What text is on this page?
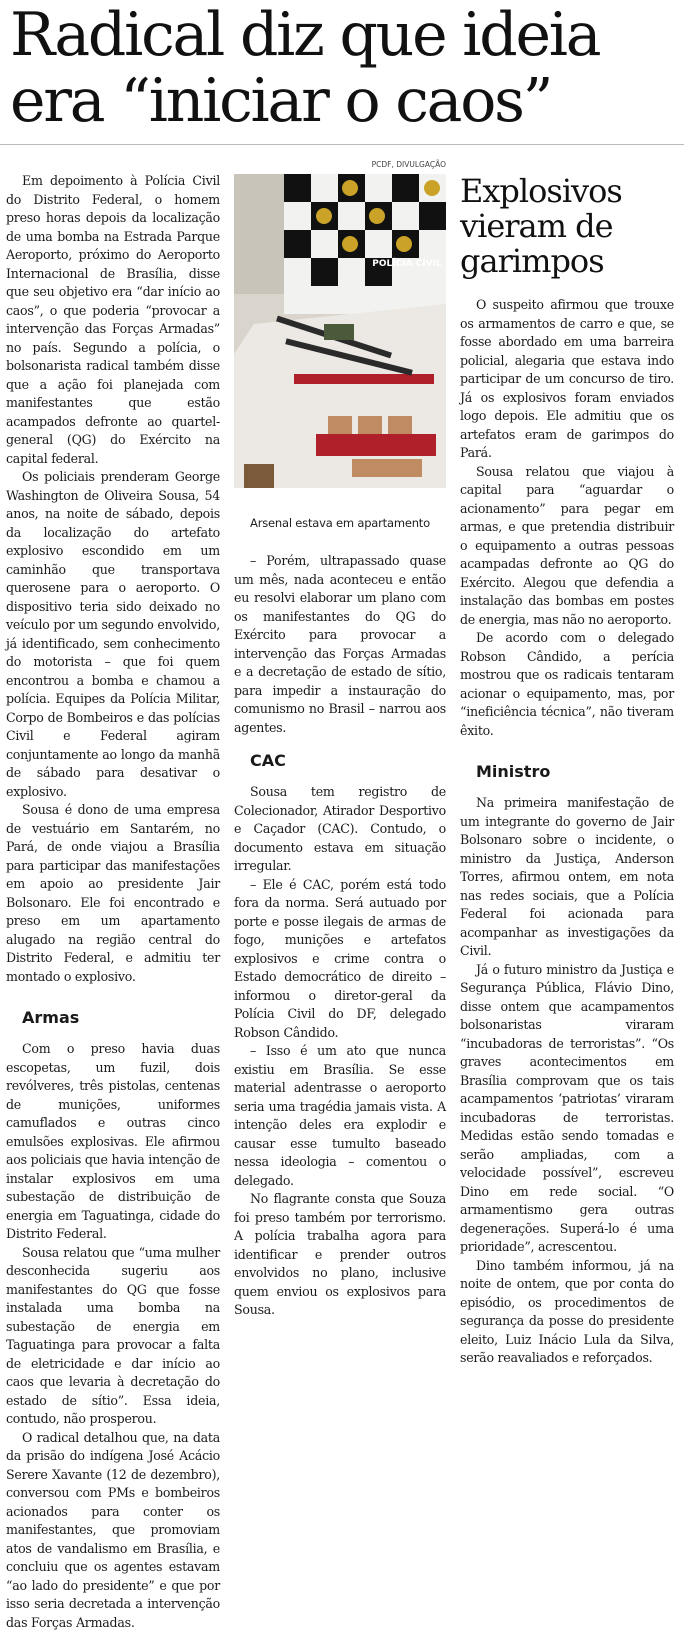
Radical diz que ideia era “iniciar o caos”

Em depoimento à Polícia Civil do Distrito Federal, o homem preso horas depois da localização de uma bomba na Estrada Parque Aeroporto, próximo do Aeroporto Internacional de Brasília, disse que seu objetivo era “dar início ao caos”, o que poderia “provocar a intervenção das Forças Armadas” no país. Segundo a polícia, o bolsonarista radical também disse que a ação foi planejada com manifestantes que estão acampados defronte ao quartel-general (QG) do Exército na capital federal.

Os policiais prenderam George Washington de Oliveira Sousa, 54 anos, na noite de sábado, depois da localização do artefato explosivo escondido em um caminhão que transportava querosene para o aeroporto. O dispositivo teria sido deixado no veículo por um segundo envolvido, já identificado, sem conhecimento do motorista – que foi quem encontrou a bomba e chamou a polícia. Equipes da Polícia Militar, Corpo de Bombeiros e das polícias Civil e Federal agiram conjuntamente ao longo da manhã de sábado para desativar o explosivo.

Sousa é dono de uma empresa de vestuário em Santarém, no Pará, de onde viajou a Brasília para participar das manifestações em apoio ao presidente Jair Bolsonaro. Ele foi encontrado e preso em um apartamento alugado na região central do Distrito Federal, e admitiu ter montado o explosivo.

Armas

Com o preso havia duas escopetas, um fuzil, dois revólveres, três pistolas, centenas de munições, uniformes camuflados e outras cinco emulsões explosivas. Ele afirmou aos policiais que havia intenção de instalar explosivos em uma subestação de distribuição de energia em Taguatinga, cidade do Distrito Federal.

Sousa relatou que “uma mulher desconhecida sugeriu aos manifestantes do QG que fosse instalada uma bomba na subestação de energia em Taguatinga para provocar a falta de eletricidade e dar início ao caos que levaria à decretação do estado de sítio”. Essa ideia, contudo, não prosperou.

O radical detalhou que, na data da prisão do indígena José Acácio Serere Xavante (12 de dezembro), conversou com PMs e bombeiros acionados para conter os manifestantes, que promoviam atos de vandalismo em Brasília, e concluiu que os agentes estavam “ao lado do presidente” e que por isso seria decretada a intervenção das Forças Armadas.

PCDF, DIVULGAÇÃO
POLÍCIA CIVIL
Arsenal estava em apartamento

– Porém, ultrapassado quase um mês, nada aconteceu e então eu resolvi elaborar um plano com os manifestantes do QG do Exército para provocar a intervenção das Forças Armadas e a decretação de estado de sítio, para impedir a instauração do comunismo no Brasil – narrou aos agentes.

CAC

Sousa tem registro de Colecionador, Atirador Desportivo e Caçador (CAC). Contudo, o documento estava em situação irregular.

– Ele é CAC, porém está todo fora da norma. Será autuado por porte e posse ilegais de armas de fogo, munições e artefatos explosivos e crime contra o Estado democrático de direito – informou o diretor-geral da Polícia Civil do DF, delegado Robson Cândido.

– Isso é um ato que nunca existiu em Brasília. Se esse material adentrasse o aeroporto seria uma tragédia jamais vista. A intenção deles era explodir e causar esse tumulto baseado nessa ideologia – comentou o delegado.

No flagrante consta que Souza foi preso também por terrorismo. A polícia trabalha agora para identificar e prender outros envolvidos no plano, inclusive quem enviou os explosivos para Sousa.

Explosivos vieram de garimpos

O suspeito afirmou que trouxe os armamentos de carro e que, se fosse abordado em uma barreira policial, alegaria que estava indo participar de um concurso de tiro. Já os explosivos foram enviados logo depois. Ele admitiu que os artefatos eram de garimpos do Pará.

Sousa relatou que viajou à capital para “aguardar o acionamento” para pegar em armas, e que pretendia distribuir o equipamento a outras pessoas acampadas defronte ao QG do Exército. Alegou que defendia a instalação das bombas em postes de energia, mas não no aeroporto.

De acordo com o delegado Robson Cândido, a perícia mostrou que os radicais tentaram acionar o equipamento, mas, por “ineficiência técnica”, não tiveram êxito.

Ministro

Na primeira manifestação de um integrante do governo de Jair Bolsonaro sobre o incidente, o ministro da Justiça, Anderson Torres, afirmou ontem, em nota nas redes sociais, que a Polícia Federal foi acionada para acompanhar as investigações da Civil.

Já o futuro ministro da Justiça e Segurança Pública, Flávio Dino, disse ontem que acampamentos bolsonaristas viraram “incubadoras de terroristas”. “Os graves acontecimentos em Brasília comprovam que os tais acampamentos ‘patriotas’ viraram incubadoras de terroristas. Medidas estão sendo tomadas e serão ampliadas, com a velocidade possível”, escreveu Dino em rede social. “O armamentismo gera outras degenerações. Superá-lo é uma prioridade”, acrescentou.

Dino também informou, já na noite de ontem, que por conta do episódio, os procedimentos de segurança da posse do presidente eleito, Luiz Inácio Lula da Silva, serão reavaliados e reforçados.
